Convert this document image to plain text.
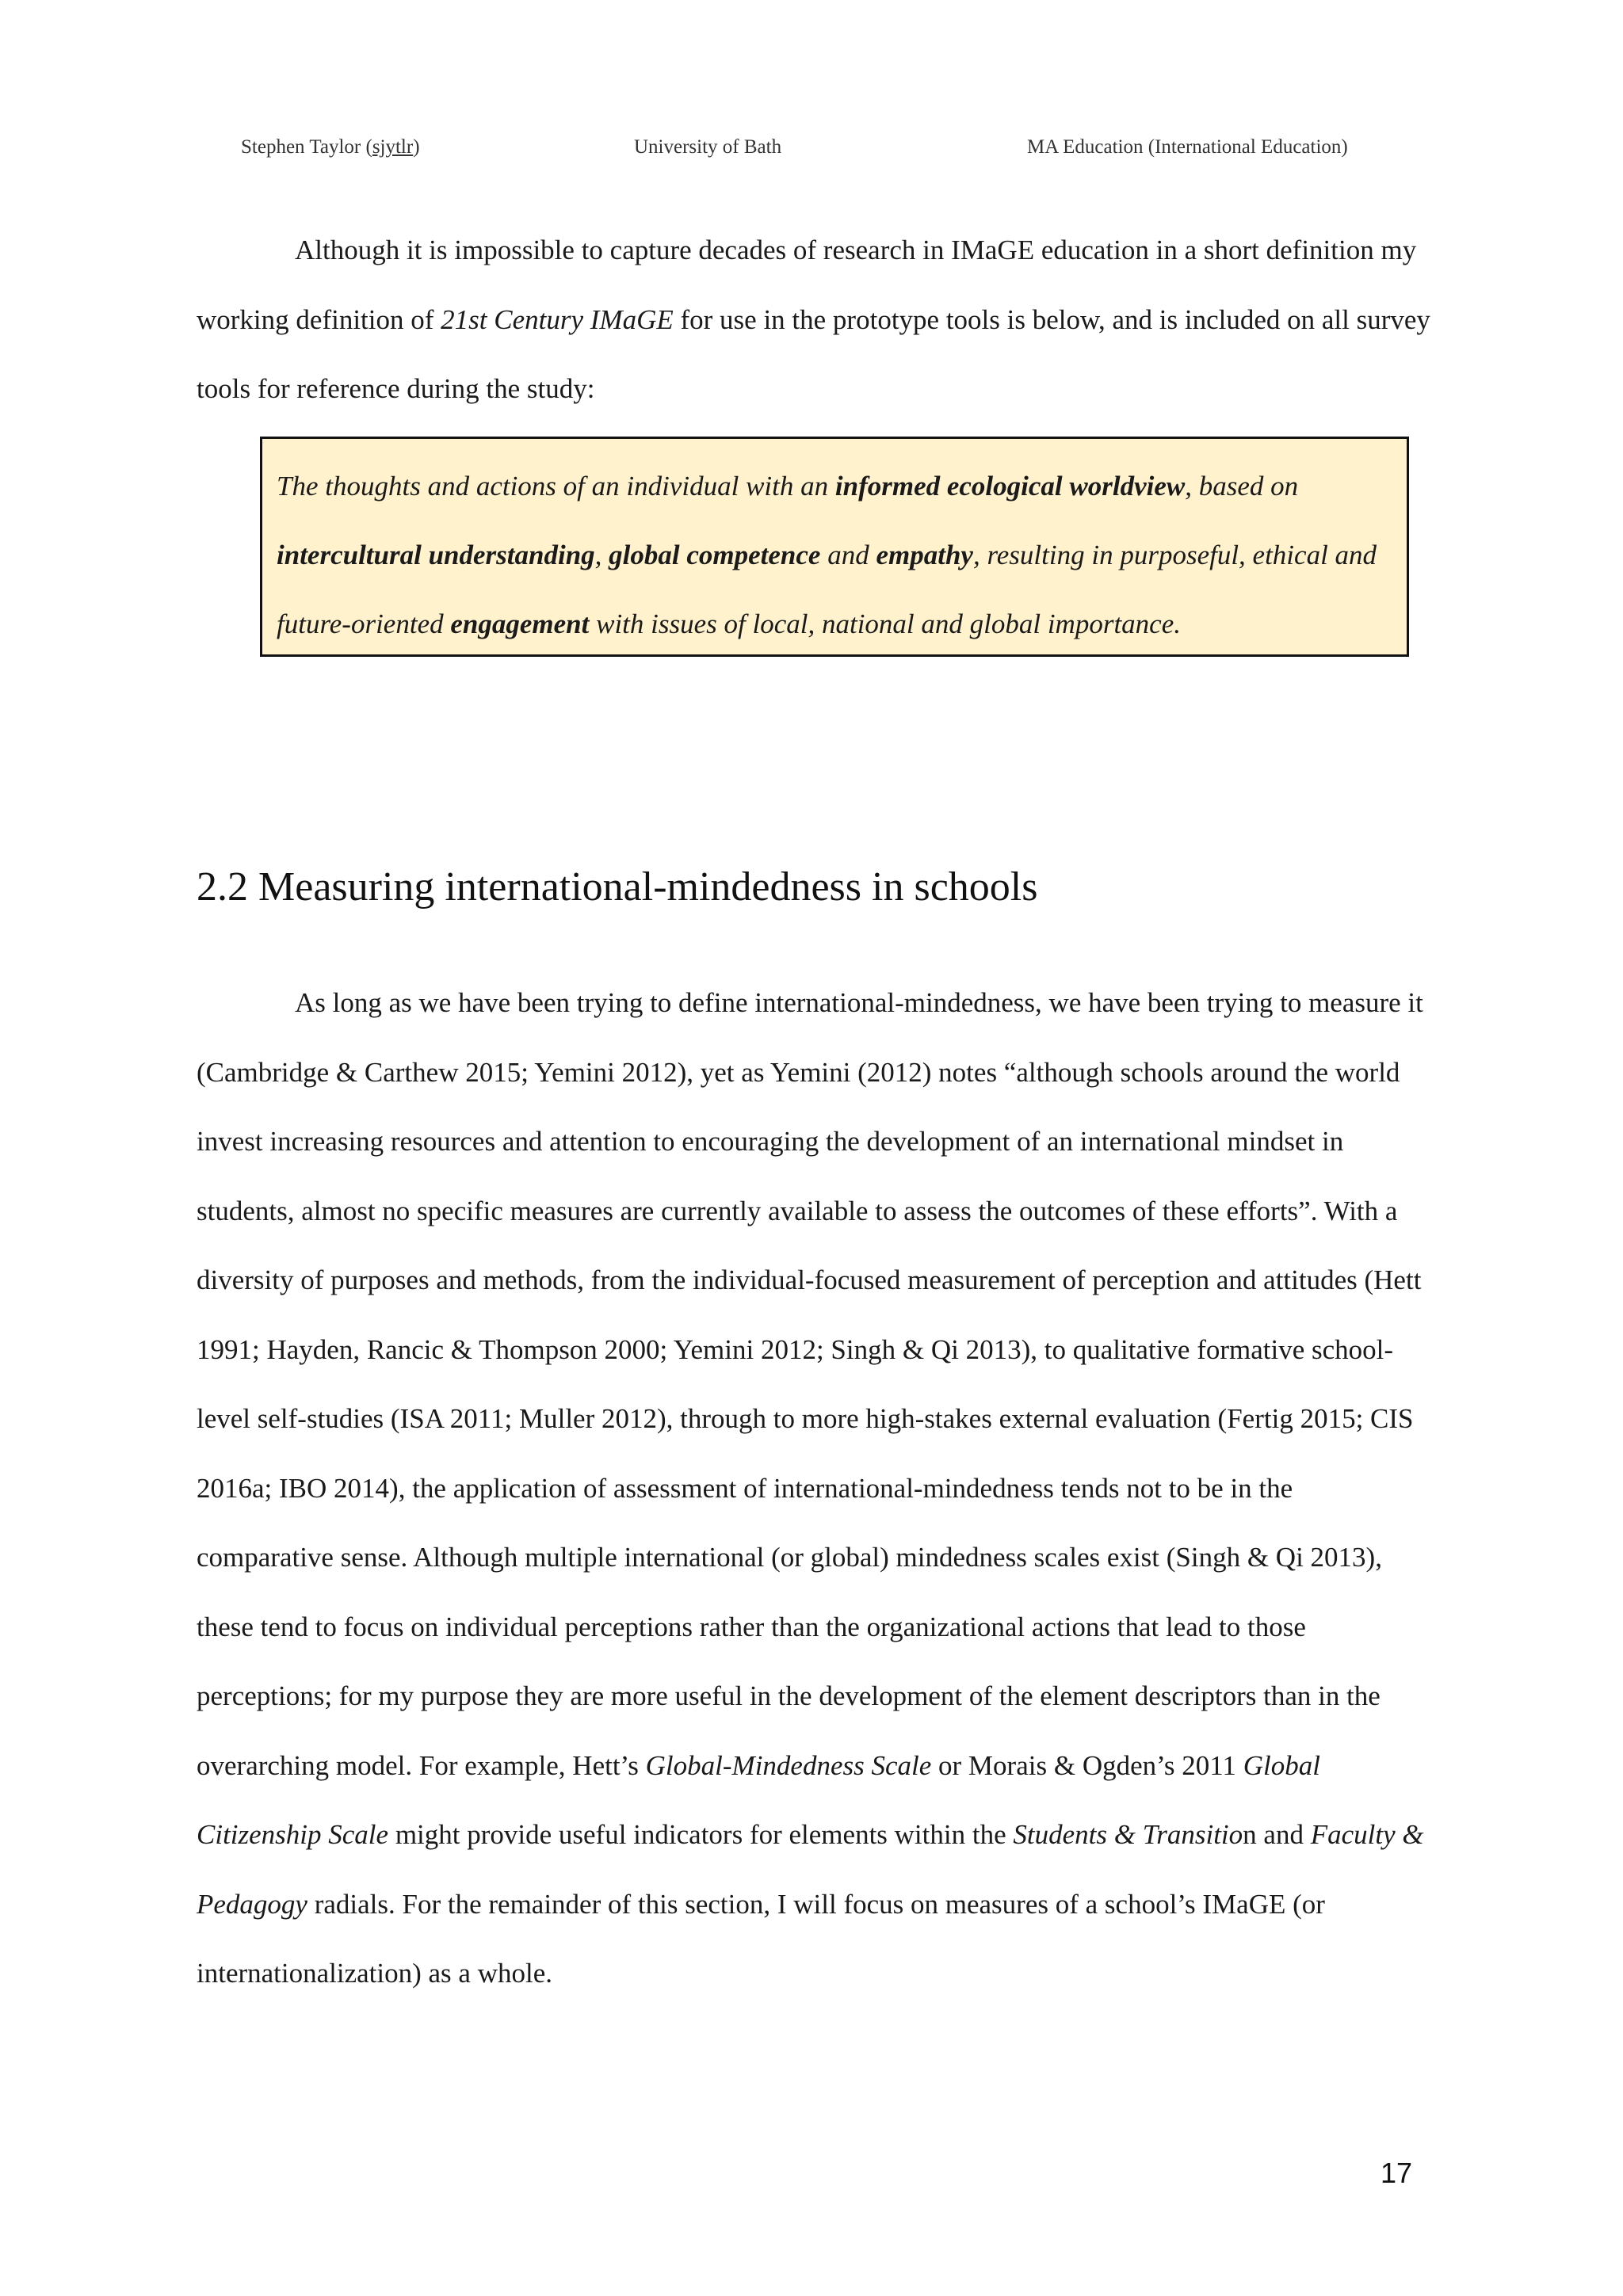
Stephen Taylor (sjytlr)	University of Bath	MA Education (International Education)

Although it is impossible to capture decades of research in IMaGE education in a short definition my working definition of 21st Century IMaGE for use in the prototype tools is below, and is included on all survey tools for reference during the study:

The thoughts and actions of an individual with an informed ecological worldview, based on intercultural understanding, global competence and empathy, resulting in purposeful, ethical and future-oriented engagement with issues of local, national and global importance.

2.2 Measuring international-mindedness in schools

As long as we have been trying to define international-mindedness, we have been trying to measure it (Cambridge & Carthew 2015; Yemini 2012), yet as Yemini (2012) notes “although schools around the world invest increasing resources and attention to encouraging the development of an international mindset in students, almost no specific measures are currently available to assess the outcomes of these efforts”. With a diversity of purposes and methods, from the individual-focused measurement of perception and attitudes (Hett 1991; Hayden, Rancic & Thompson 2000; Yemini 2012; Singh & Qi 2013), to qualitative formative school-level self-studies (ISA 2011; Muller 2012), through to more high-stakes external evaluation (Fertig 2015; CIS 2016a; IBO 2014), the application of assessment of international-mindedness tends not to be in the comparative sense. Although multiple international (or global) mindedness scales exist (Singh & Qi 2013), these tend to focus on individual perceptions rather than the organizational actions that lead to those perceptions; for my purpose they are more useful in the development of the element descriptors than in the overarching model. For example, Hett’s Global-Mindedness Scale or Morais & Ogden’s 2011 Global Citizenship Scale might provide useful indicators for elements within the Students & Transition and Faculty & Pedagogy radials. For the remainder of this section, I will focus on measures of a school’s IMaGE (or internationalization) as a whole.

17
